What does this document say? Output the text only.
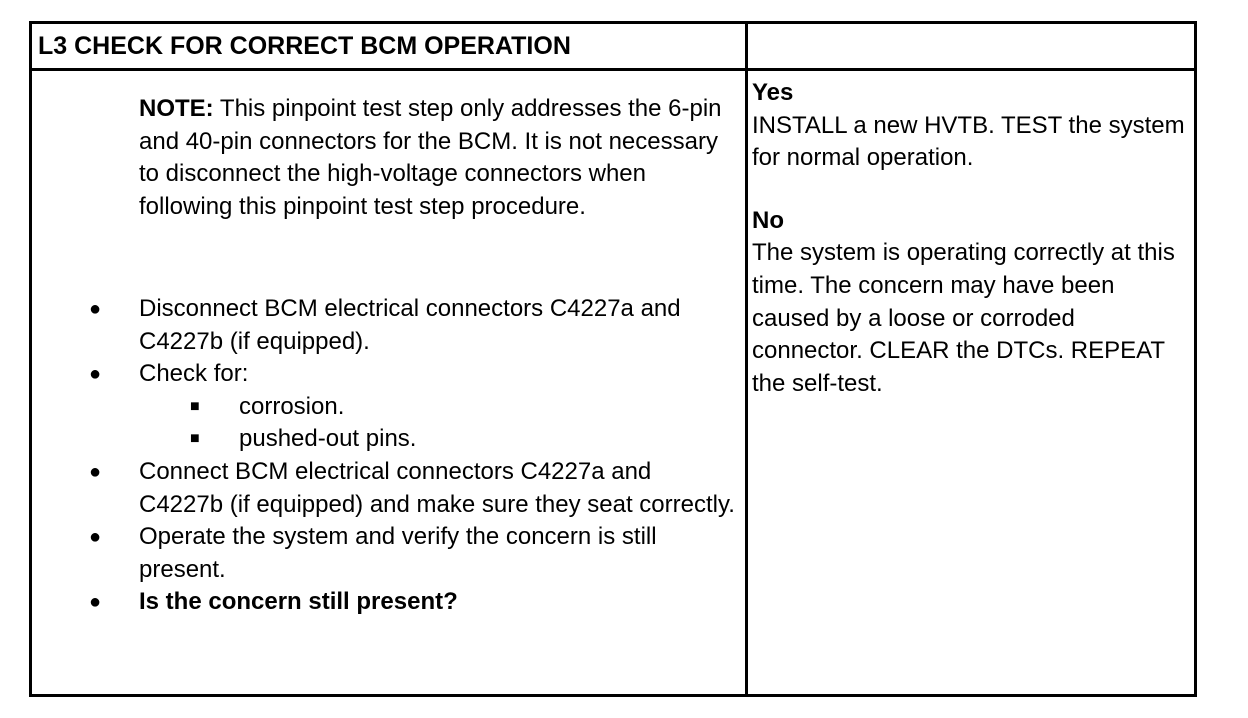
L3 CHECK FOR CORRECT BCM OPERATION
NOTE: This pinpoint test step only addresses the 6-pin and 40-pin connectors for the BCM. It is not necessary to disconnect the high-voltage connectors when following this pinpoint test step procedure.
● Disconnect BCM electrical connectors C4227a and C4227b (if equipped).
● Check for:
■ corrosion.
■ pushed-out pins.
● Connect BCM electrical connectors C4227a and C4227b (if equipped) and make sure they seat correctly.
● Operate the system and verify the concern is still present.
● Is the concern still present?
Yes
INSTALL a new HVTB. TEST the system for normal operation.
No
The system is operating correctly at this time. The concern may have been caused by a loose or corroded connector. CLEAR the DTCs. REPEAT the self-test.
